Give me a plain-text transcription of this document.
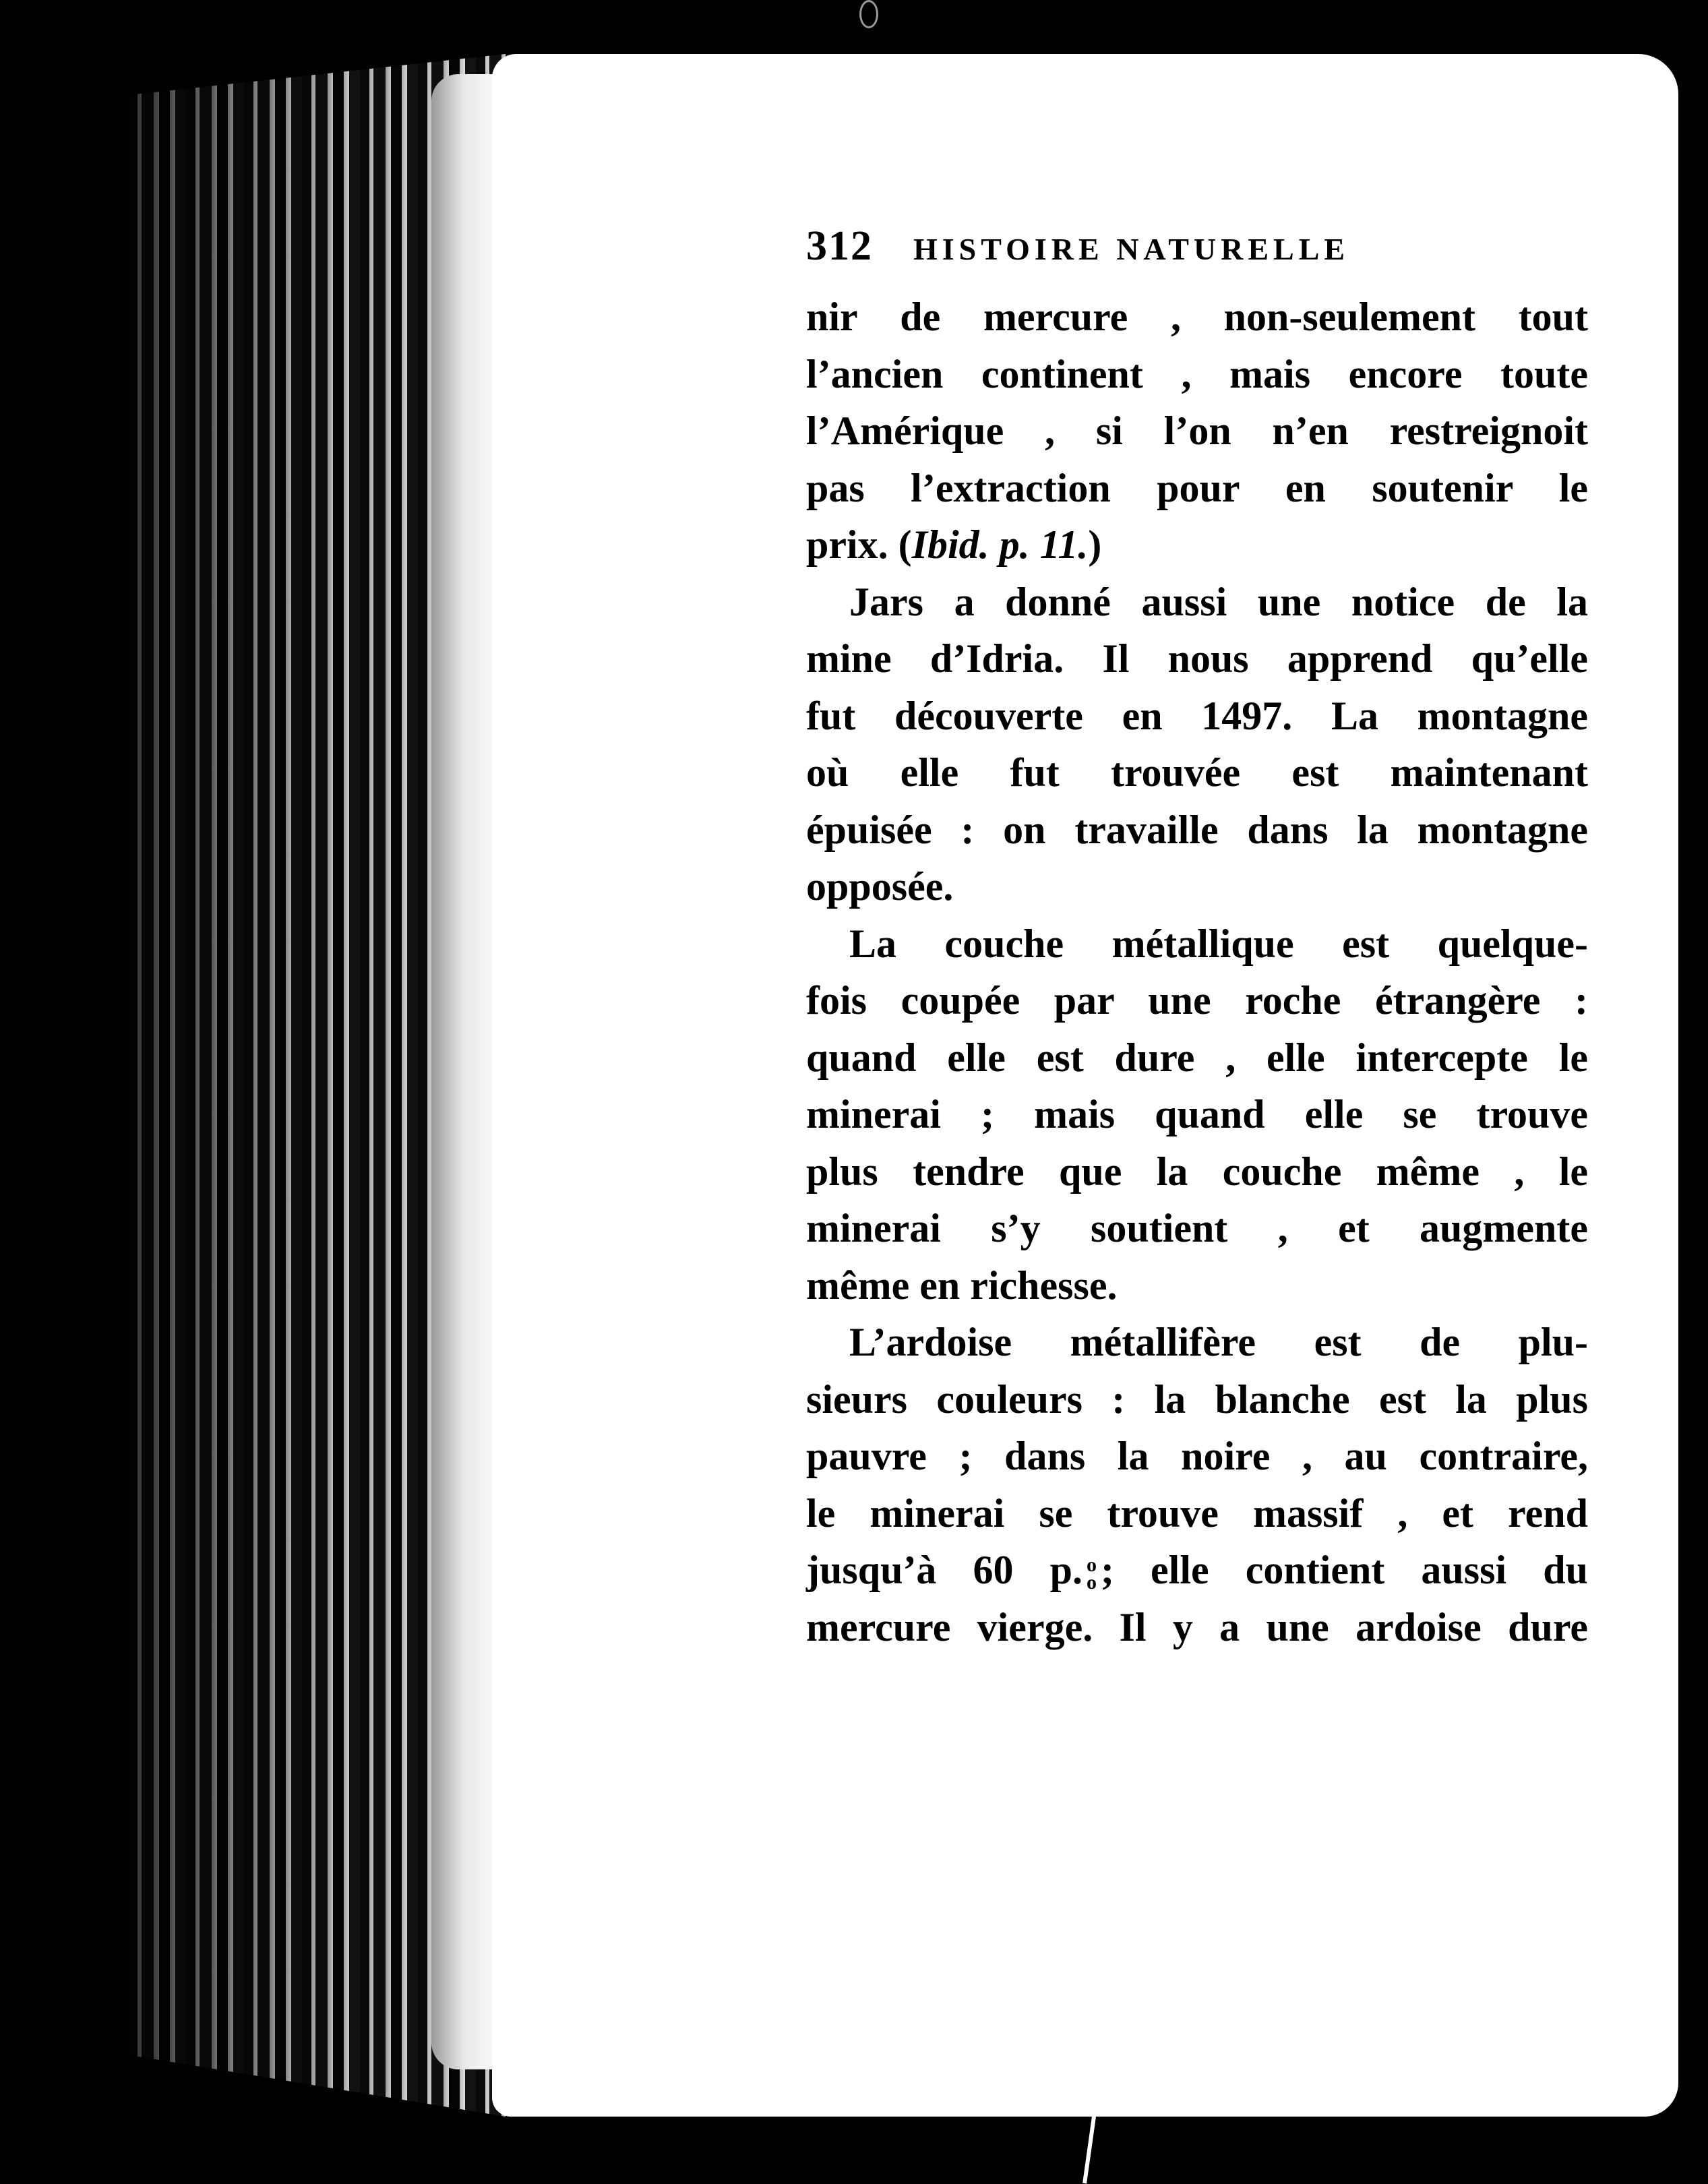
312 HISTOIRE NATURELLE
nir de mercure , non-seulement tout
l’ancien continent , mais encore toute
l’Amérique , si l’on n’en restreignoit
pas l’extraction pour en soutenir le
prix. (Ibid. p. 11.)
Jars a donné aussi une notice de la
mine d’Idria. Il nous apprend qu’elle
fut découverte en 1497. La montagne
où elle fut trouvée est maintenant
épuisée : on travaille dans la montagne
opposée.
La couche métallique est quelque-
fois coupée par une roche étrangère :
quand elle est dure , elle intercepte le
minerai ; mais quand elle se trouve
plus tendre que la couche même , le
minerai s’y soutient , et augmente
même en richesse.
L’ardoise métallifère est de plu-
sieurs couleurs : la blanche est la plus
pauvre ; dans la noire , au contraire,
le minerai se trouve massif , et rend
jusqu’à 60 p. o
o ; elle contient aussi du
mercure vierge. Il y a une ardoise dure
